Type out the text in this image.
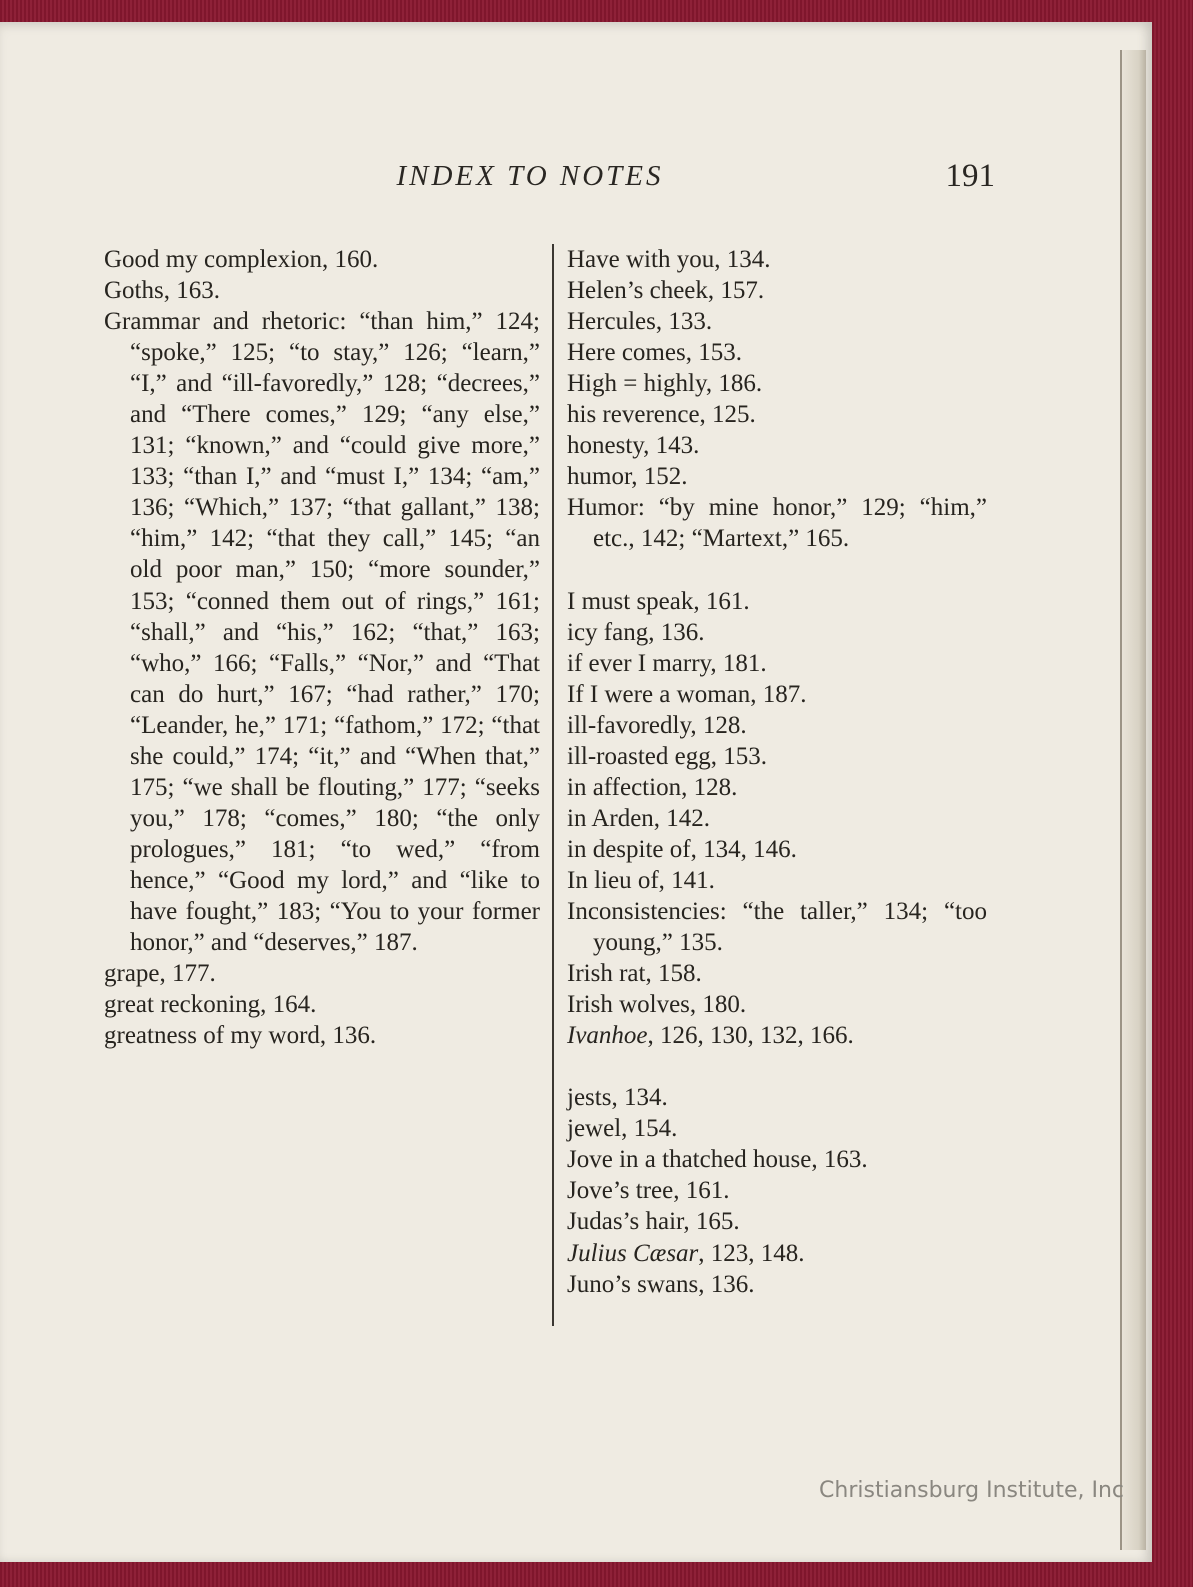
INDEX TO NOTES	191

Good my complexion, 160.

Goths, 163.

Grammar and rhetoric: “than him,” 124; “spoke,” 125; “to stay,” 126; “learn,” “I,” and “ill-favoredly,” 128; “decrees,” and “There comes,” 129; “any else,” 131; “known,” and “could give more,” 133; “than I,” and “must I,” 134; “am,” 136; “Which,” 137; “that gallant,” 138; “him,” 142; “that they call,” 145; “an old poor man,” 150; “more sounder,” 153; “conned them out of rings,” 161; “shall,” and “his,” 162; “that,” 163; “who,” 166; “Falls,” “Nor,” and “That can do hurt,” 167; “had rather,” 170; “Leander, he,” 171; “fathom,” 172; “that she could,” 174; “it,” and “When that,” 175; “we shall be flouting,” 177; “seeks you,” 178; “comes,” 180; “the only prologues,” 181; “to wed,” “from hence,” “Good my lord,” and “like to have fought,” 183; “You to your former honor,” and “deserves,” 187.

grape, 177.

great reckoning, 164.

greatness of my word, 136.

Have with you, 134.

Helen’s cheek, 157.

Hercules, 133.

Here comes, 153.

High = highly, 186.

his reverence, 125.

honesty, 143.

humor, 152.

Humor: “by mine honor,” 129; “him,” etc., 142; “Martext,” 165.

I must speak, 161.

icy fang, 136.

if ever I marry, 181.

If I were a woman, 187.

ill-favoredly, 128.

ill-roasted egg, 153.

in affection, 128.

in Arden, 142.

in despite of, 134, 146.

In lieu of, 141.

Inconsistencies: “the taller,” 134; “too young,” 135.

Irish rat, 158.

Irish wolves, 180.

Ivanhoe, 126, 130, 132, 166.

jests, 134.

jewel, 154.

Jove in a thatched house, 163.

Jove’s tree, 161.

Judas’s hair, 165.

Julius Cæsar, 123, 148.

Juno’s swans, 136.

Christiansburg Institute, Inc
